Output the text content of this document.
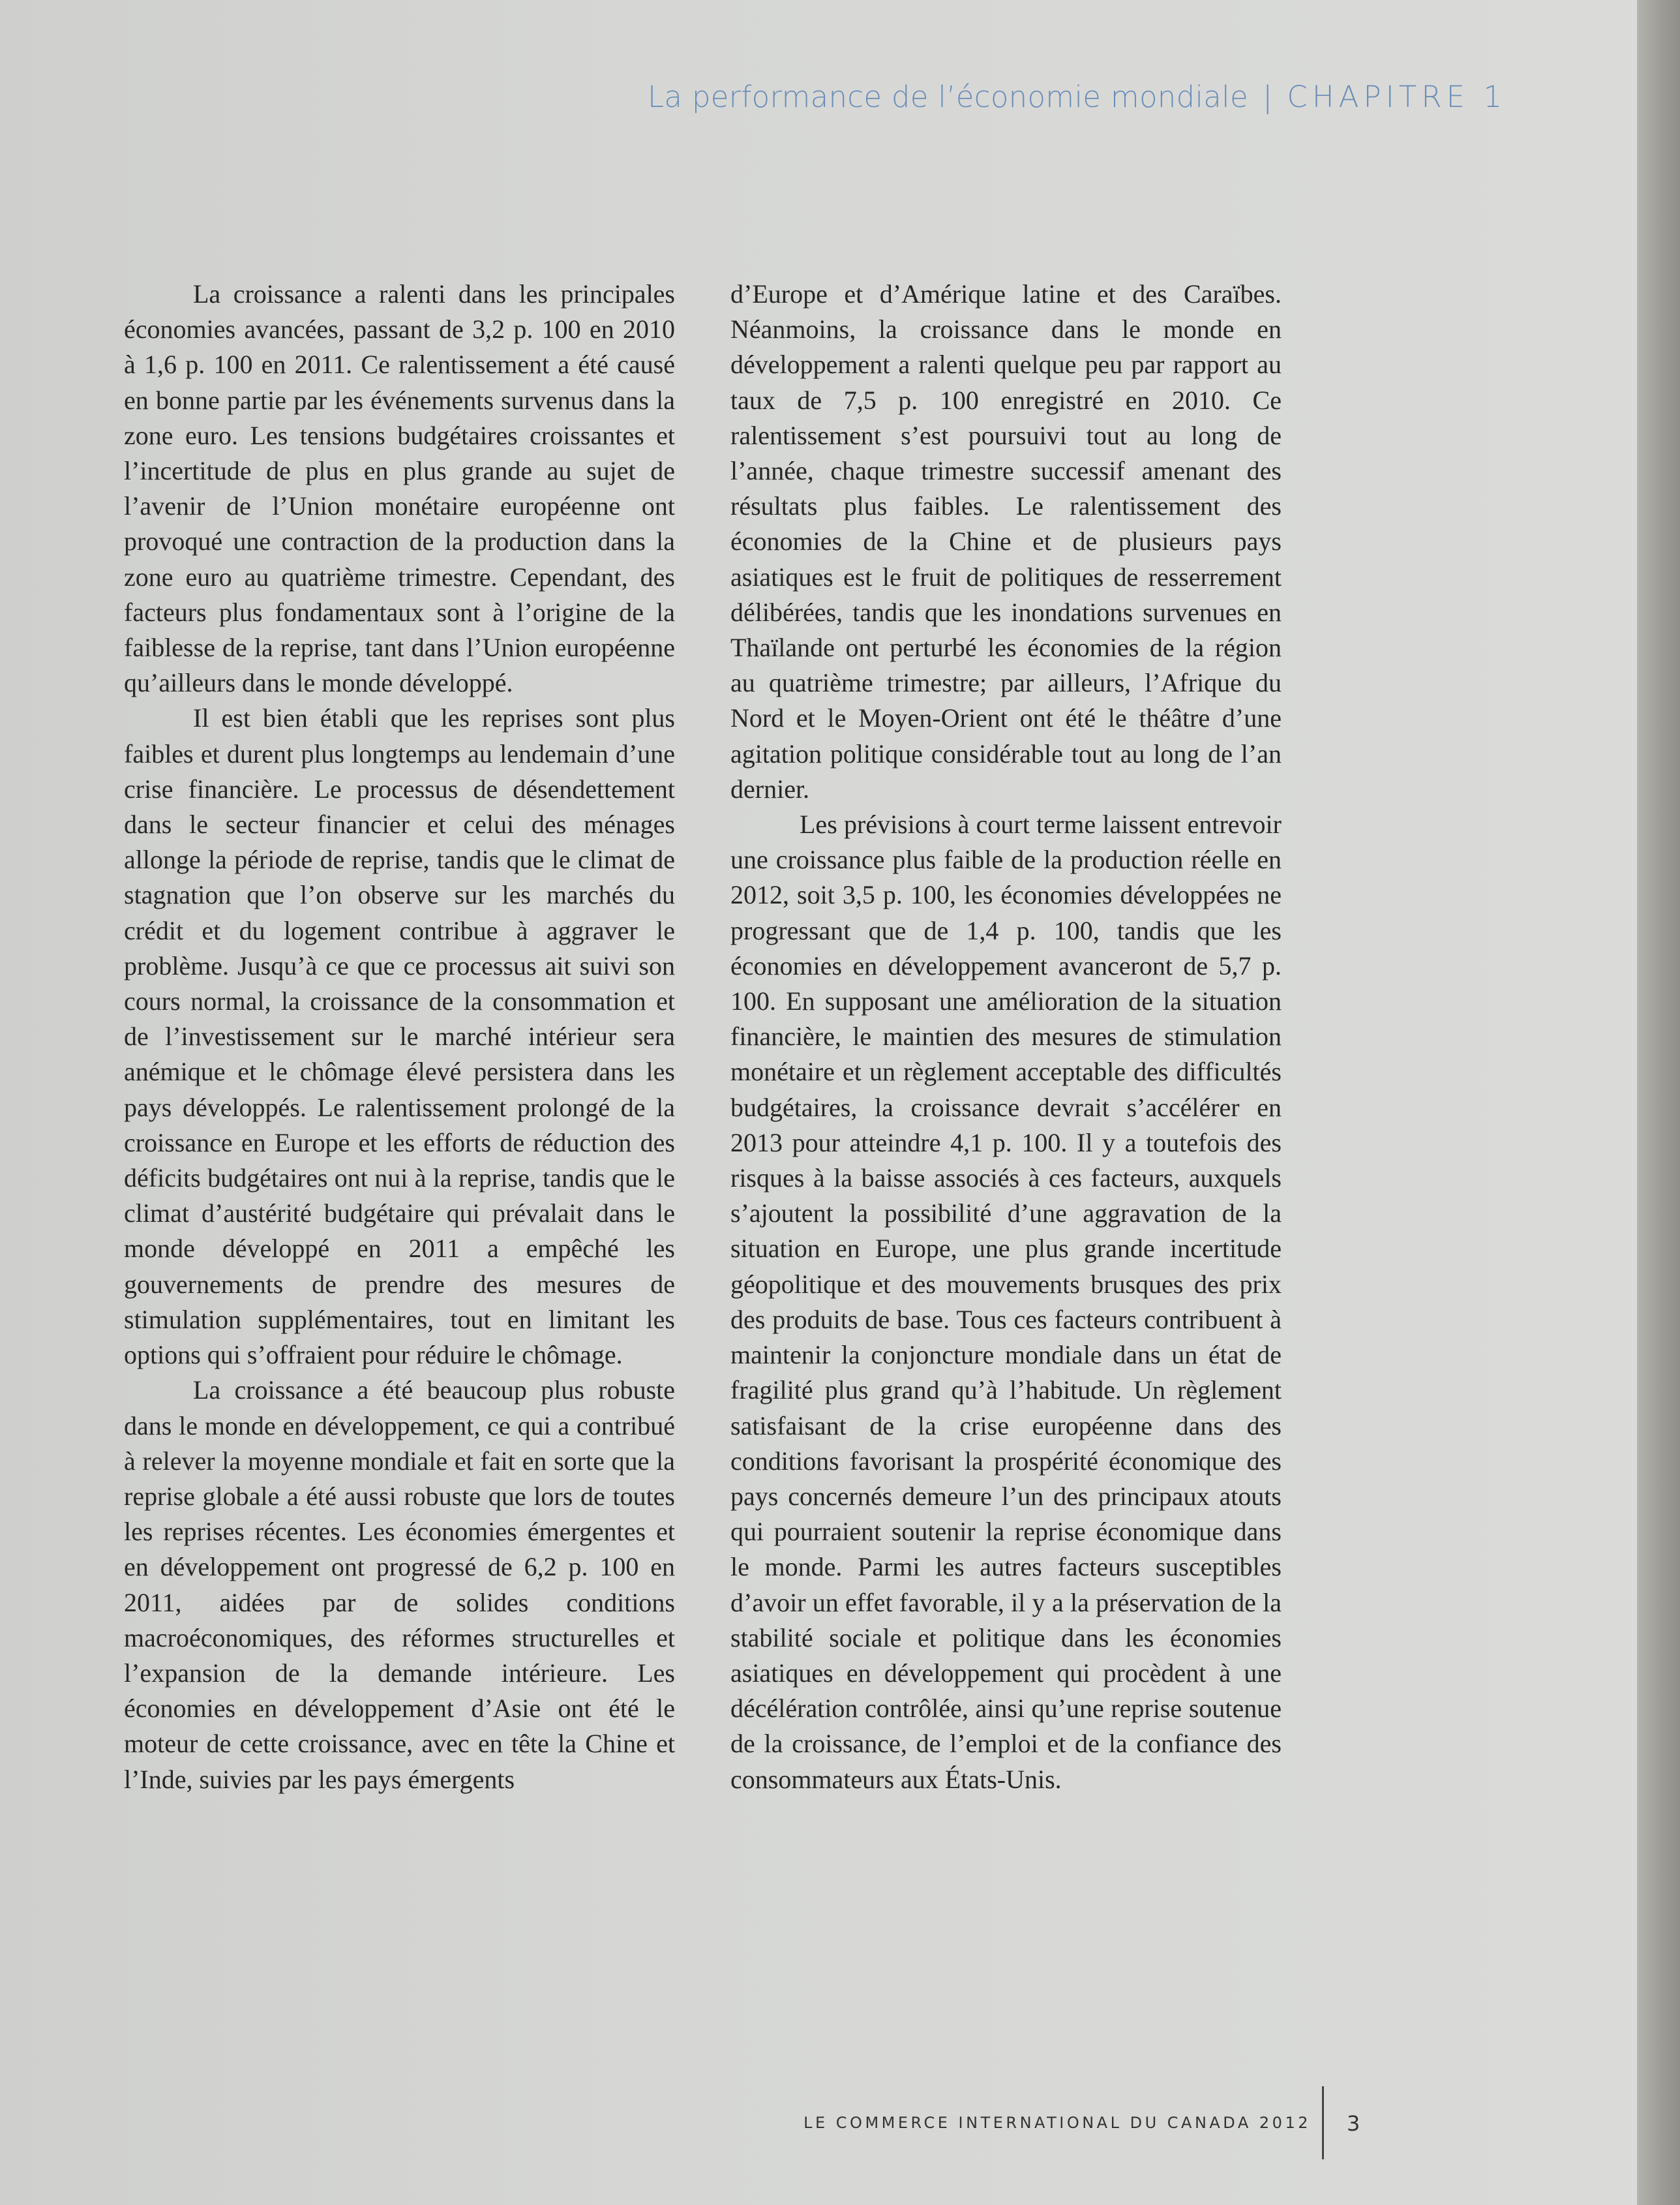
La performance de l’économie mondiale | CHAPITRE 1

La croissance a ralenti dans les principales économies avancées, passant de 3,2 p. 100 en 2010 à 1,6 p. 100 en 2011. Ce ralentissement a été causé en bonne partie par les événements survenus dans la zone euro. Les tensions budgétaires croissantes et l’incertitude de plus en plus grande au sujet de l’avenir de l’Union monétaire européenne ont provoqué une contraction de la production dans la zone euro au quatrième trimestre. Cependant, des facteurs plus fondamentaux sont à l’origine de la faiblesse de la reprise, tant dans l’Union européenne qu’ailleurs dans le monde développé.

Il est bien établi que les reprises sont plus faibles et durent plus longtemps au lendemain d’une crise financière. Le processus de désendettement dans le secteur financier et celui des ménages allonge la période de reprise, tandis que le climat de stagnation que l’on observe sur les marchés du crédit et du logement contribue à aggraver le problème. Jusqu’à ce que ce processus ait suivi son cours normal, la croissance de la consommation et de l’investissement sur le marché intérieur sera anémique et le chômage élevé persistera dans les pays développés. Le ralentissement prolongé de la croissance en Europe et les efforts de réduction des déficits budgétaires ont nui à la reprise, tandis que le climat d’austérité budgétaire qui prévalait dans le monde développé en 2011 a empêché les gouvernements de prendre des mesures de stimulation supplémentaires, tout en limitant les options qui s’offraient pour réduire le chômage.

La croissance a été beaucoup plus robuste dans le monde en développement, ce qui a contribué à relever la moyenne mondiale et fait en sorte que la reprise globale a été aussi robuste que lors de toutes les reprises récentes. Les économies émergentes et en développement ont progressé de 6,2 p. 100 en 2011, aidées par de solides conditions macroéconomiques, des réformes structurelles et l’expansion de la demande intérieure. Les économies en développement d’Asie ont été le moteur de cette croissance, avec en tête la Chine et l’Inde, suivies par les pays émergents

d’Europe et d’Amérique latine et des Caraïbes. Néanmoins, la croissance dans le monde en développement a ralenti quelque peu par rapport au taux de 7,5 p. 100 enregistré en 2010. Ce ralentissement s’est poursuivi tout au long de l’année, chaque trimestre successif amenant des résultats plus faibles. Le ralentissement des économies de la Chine et de plusieurs pays asiatiques est le fruit de politiques de resserrement délibérées, tandis que les inondations survenues en Thaïlande ont perturbé les économies de la région au quatrième trimestre; par ailleurs, l’Afrique du Nord et le Moyen-Orient ont été le théâtre d’une agitation politique considérable tout au long de l’an dernier.

Les prévisions à court terme laissent entrevoir une croissance plus faible de la production réelle en 2012, soit 3,5 p. 100, les économies développées ne progressant que de 1,4 p. 100, tandis que les économies en développement avanceront de 5,7 p. 100. En supposant une amélioration de la situation financière, le maintien des mesures de stimulation monétaire et un règlement acceptable des difficultés budgétaires, la croissance devrait s’accélérer en 2013 pour atteindre 4,1 p. 100. Il y a toutefois des risques à la baisse associés à ces facteurs, auxquels s’ajoutent la possibilité d’une aggravation de la situation en Europe, une plus grande incertitude géopolitique et des mouvements brusques des prix des produits de base. Tous ces facteurs contribuent à maintenir la conjoncture mondiale dans un état de fragilité plus grand qu’à l’habitude. Un règlement satisfaisant de la crise européenne dans des conditions favorisant la prospérité économique des pays concernés demeure l’un des principaux atouts qui pourraient soutenir la reprise économique dans le monde. Parmi les autres facteurs susceptibles d’avoir un effet favorable, il y a la préservation de la stabilité sociale et politique dans les économies asiatiques en développement qui procèdent à une décélération contrôlée, ainsi qu’une reprise soutenue de la croissance, de l’emploi et de la confiance des consommateurs aux États-Unis.

LE COMMERCE INTERNATIONAL DU CANADA 2012 3
